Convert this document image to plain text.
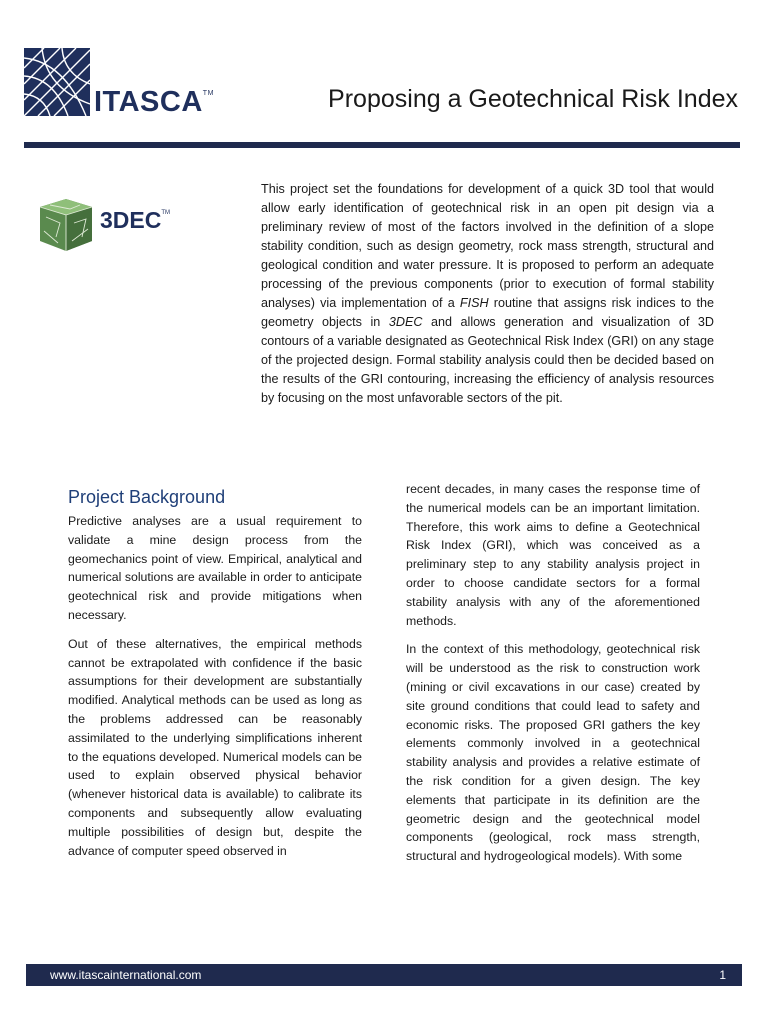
ITASCA™	Proposing a Geotechnical Risk Index
3DEC™

This project set the foundations for development of a quick 3D tool that would allow early identification of geotechnical risk in an open pit design via a preliminary review of most of the factors involved in the definition of a slope stability condition, such as design geometry, rock mass strength, structural and geological condition and water pressure. It is proposed to perform an adequate processing of the previous components (prior to execution of formal stability analyses) via implementation of a FISH routine that assigns risk indices to the geometry objects in 3DEC and allows generation and visualization of 3D contours of a variable designated as Geotechnical Risk Index (GRI) on any stage of the projected design. Formal stability analysis could then be decided based on the results of the GRI contouring, increasing the efficiency of analysis resources by focusing on the most unfavorable sectors of the pit.

Project Background

Predictive analyses are a usual requirement to validate a mine design process from the geomechanics point of view. Empirical, analytical and numerical solutions are available in order to anticipate geotechnical risk and provide mitigations when necessary.

Out of these alternatives, the empirical methods cannot be extrapolated with confidence if the basic assumptions for their development are substantially modified. Analytical methods can be used as long as the problems addressed can be reasonably assimilated to the underlying simplifications inherent to the equations developed. Numerical models can be used to explain observed physical behavior (whenever historical data is available) to calibrate its components and subsequently allow evaluating multiple possibilities of design but, despite the advance of computer speed observed in

recent decades, in many cases the response time of the numerical models can be an important limitation. Therefore, this work aims to define a Geotechnical Risk Index (GRI), which was conceived as a preliminary step to any stability analysis project in order to choose candidate sectors for a formal stability analysis with any of the aforementioned methods.

In the context of this methodology, geotechnical risk will be understood as the risk to construction work (mining or civil excavations in our case) created by site ground conditions that could lead to safety and economic risks. The proposed GRI gathers the key elements commonly involved in a geotechnical stability analysis and provides a relative estimate of the risk condition for a given design. The key elements that participate in its definition are the geometric design and the geotechnical model components (geological, rock mass strength, structural and hydrogeological models). With some

www.itascainternational.com	1
